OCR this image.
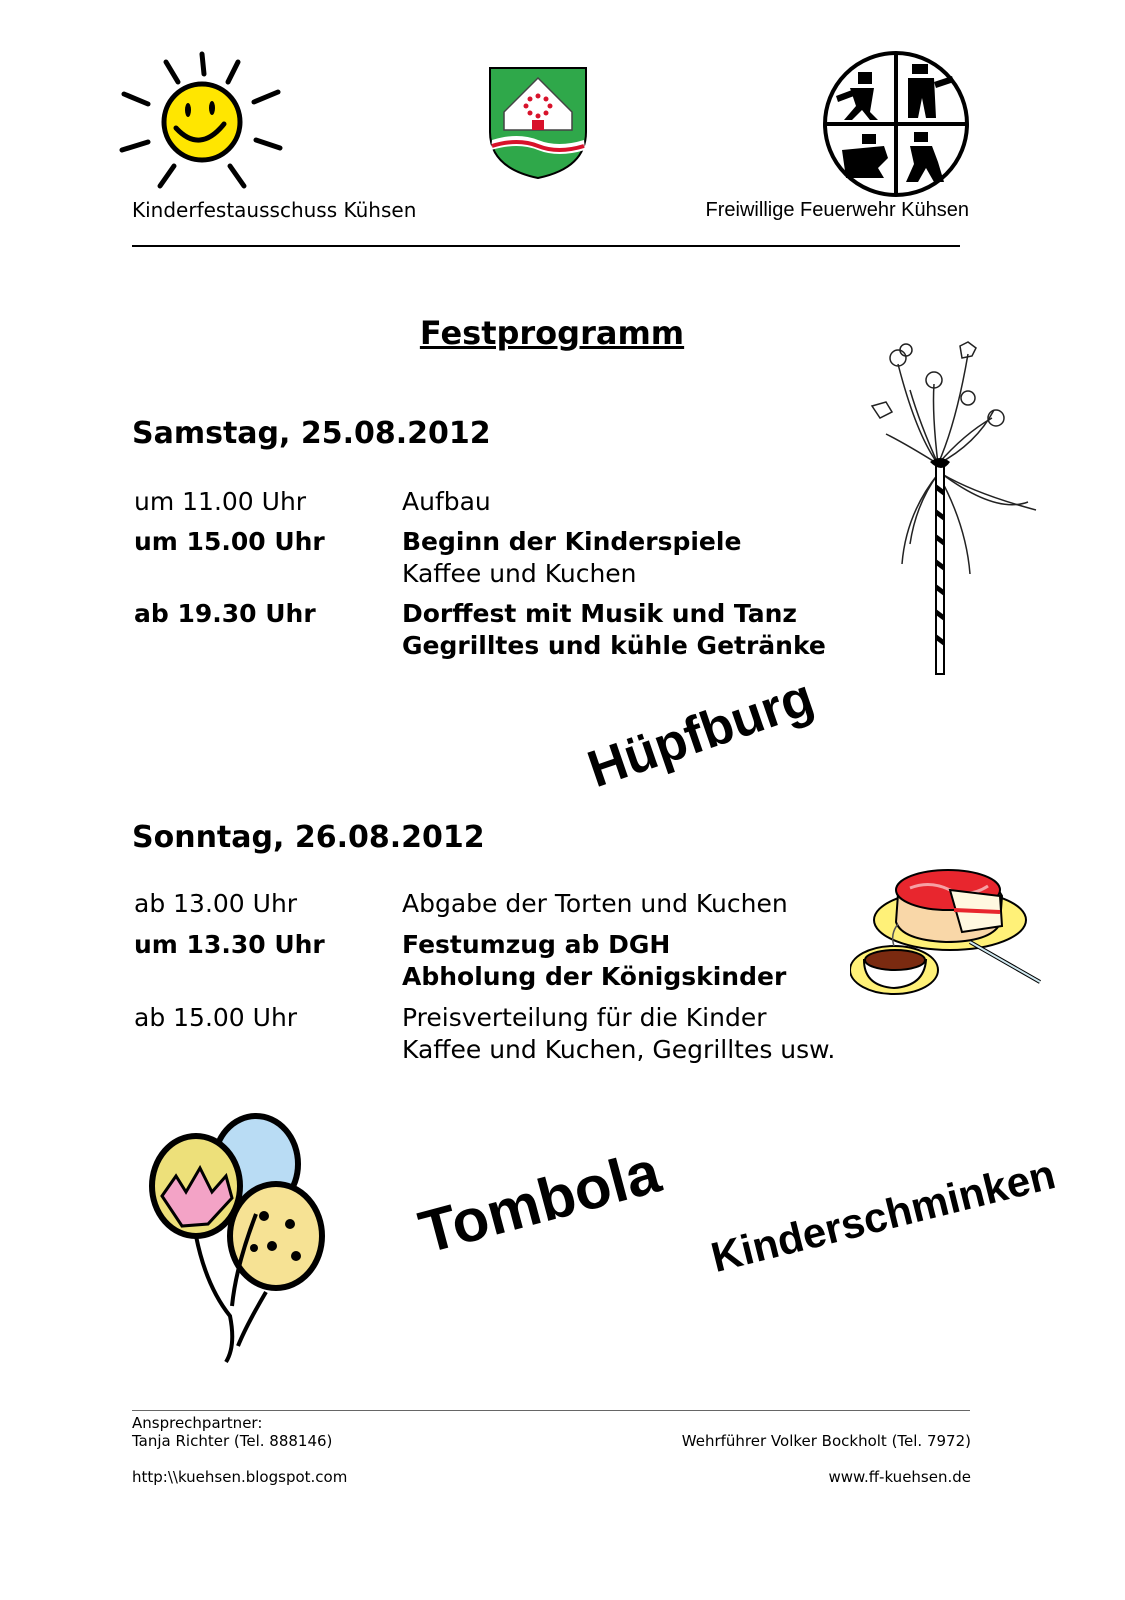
Kinderfestausschuss Kühsen	Freiwillige Feuerwehr Kühsen
Festprogramm
Samstag, 25.08.2012
um 11.00 Uhr	Aufbau
um 15.00 Uhr	Beginn der Kinderspiele
Kaffee und Kuchen
ab 19.30 Uhr	Dorffest mit Musik und Tanz
Gegrilltes und kühle Getränke
Hüpfburg
Sonntag, 26.08.2012
ab 13.00 Uhr	Abgabe der Torten und Kuchen
um 13.30 Uhr	Festumzug ab DGH
Abholung der Königskinder
ab 15.00 Uhr	Preisverteilung für die Kinder
Kaffee und Kuchen, Gegrilltes usw.
Tombola Kinderschminken
Ansprechpartner:
Tanja Richter (Tel. 888146)	Wehrführer Volker Bockholt (Tel. 7972)
http:\\kuehsen.blogspot.com	www.ff-kuehsen.de
